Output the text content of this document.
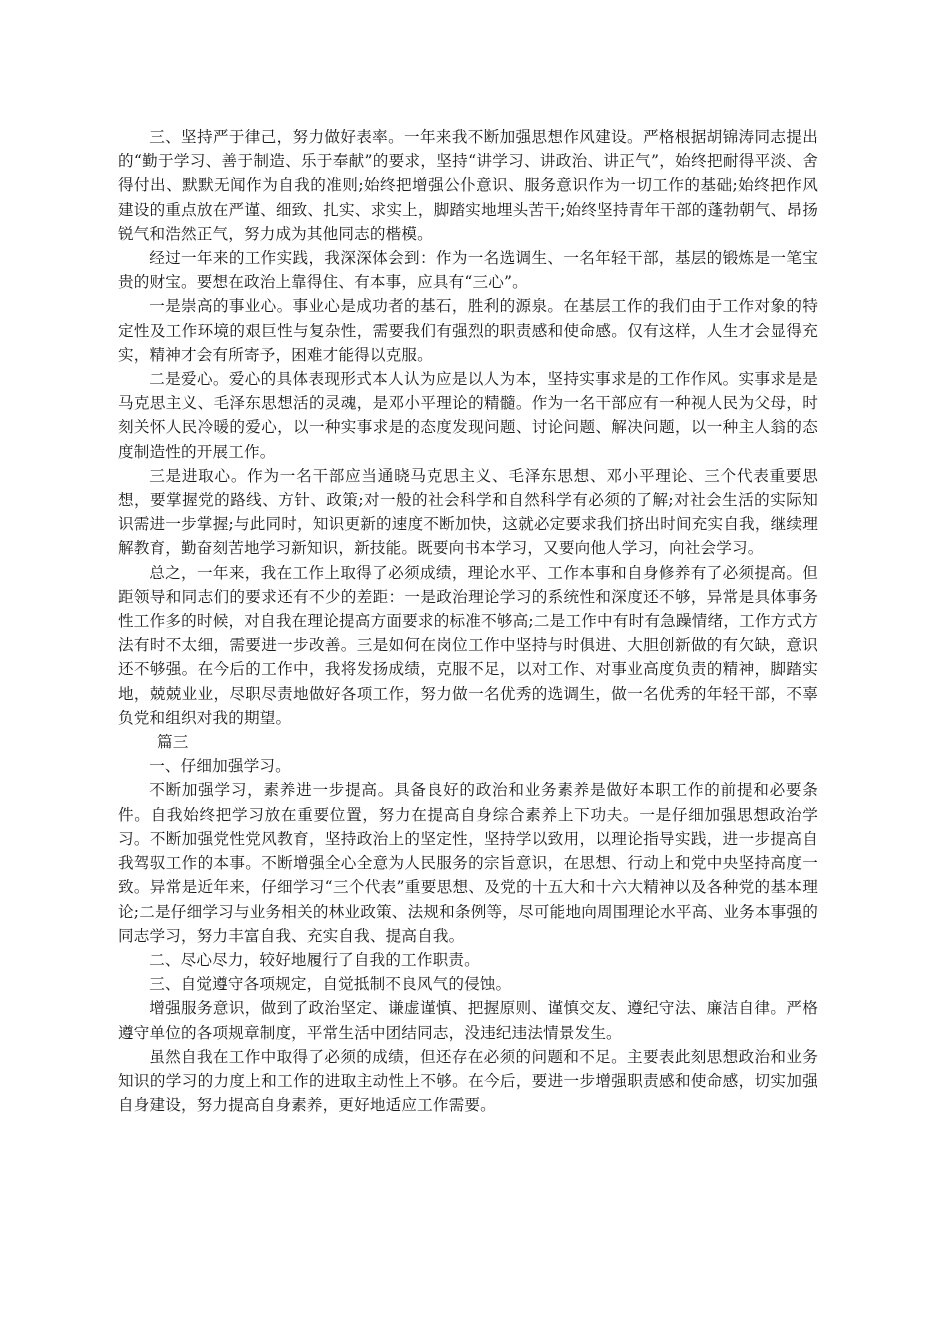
三、坚持严于律己，努力做好表率。一年来我不断加强思想作风建设。严格根据胡锦涛同志提出的“勤于学习、善于制造、乐于奉献”的要求，坚持“讲学习、讲政治、讲正气”，始终把耐得平淡、舍得付出、默默无闻作为自我的准则;始终把增强公仆意识、服务意识作为一切工作的基础;始终把作风建设的重点放在严谨、细致、扎实、求实上，脚踏实地埋头苦干;始终坚持青年干部的蓬勃朝气、昂扬锐气和浩然正气，努力成为其他同志的楷模。

经过一年来的工作实践，我深深体会到：作为一名选调生、一名年轻干部，基层的锻炼是一笔宝贵的财宝。要想在政治上靠得住、有本事，应具有“三心”。

一是崇高的事业心。事业心是成功者的基石，胜利的源泉。在基层工作的我们由于工作对象的特定性及工作环境的艰巨性与复杂性，需要我们有强烈的职责感和使命感。仅有这样，人生才会显得充实，精神才会有所寄予，困难才能得以克服。

二是爱心。爱心的具体表现形式本人认为应是以人为本，坚持实事求是的工作作风。实事求是是马克思主义、毛泽东思想活的灵魂，是邓小平理论的精髓。作为一名干部应有一种视人民为父母，时刻关怀人民冷暖的爱心，以一种实事求是的态度发现问题、讨论问题、解决问题，以一种主人翁的态度制造性的开展工作。

三是进取心。作为一名干部应当通晓马克思主义、毛泽东思想、邓小平理论、三个代表重要思想，要掌握党的路线、方针、政策;对一般的社会科学和自然科学有必须的了解;对社会生活的实际知识需进一步掌握;与此同时，知识更新的速度不断加快，这就必定要求我们挤出时间充实自我，继续理解教育，勤奋刻苦地学习新知识，新技能。既要向书本学习，又要向他人学习，向社会学习。

总之，一年来，我在工作上取得了必须成绩，理论水平、工作本事和自身修养有了必须提高。但距领导和同志们的要求还有不少的差距：一是政治理论学习的系统性和深度还不够，异常是具体事务性工作多的时候，对自我在理论提高方面要求的标准不够高;二是工作中有时有急躁情绪，工作方式方法有时不太细，需要进一步改善。三是如何在岗位工作中坚持与时俱进、大胆创新做的有欠缺，意识还不够强。在今后的工作中，我将发扬成绩，克服不足，以对工作、对事业高度负责的精神，脚踏实地，兢兢业业，尽职尽责地做好各项工作，努力做一名优秀的选调生，做一名优秀的年轻干部，不辜负党和组织对我的期望。

篇三

一、仔细加强学习。

不断加强学习，素养进一步提高。具备良好的政治和业务素养是做好本职工作的前提和必要条件。自我始终把学习放在重要位置，努力在提高自身综合素养上下功夫。一是仔细加强思想政治学习。不断加强党性党风教育，坚持政治上的坚定性，坚持学以致用，以理论指导实践，进一步提高自我驾驭工作的本事。不断增强全心全意为人民服务的宗旨意识，在思想、行动上和党中央坚持高度一致。异常是近年来，仔细学习“三个代表”重要思想、及党的十五大和十六大精神以及各种党的基本理论;二是仔细学习与业务相关的林业政策、法规和条例等，尽可能地向周围理论水平高、业务本事强的同志学习，努力丰富自我、充实自我、提高自我。

二、尽心尽力，较好地履行了自我的工作职责。

三、自觉遵守各项规定，自觉抵制不良风气的侵蚀。

增强服务意识，做到了政治坚定、谦虚谨慎、把握原则、谨慎交友、遵纪守法、廉洁自律。严格遵守单位的各项规章制度，平常生活中团结同志，没违纪违法情景发生。

虽然自我在工作中取得了必须的成绩，但还存在必须的问题和不足。主要表此刻思想政治和业务知识的学习的力度上和工作的进取主动性上不够。在今后，要进一步增强职责感和使命感，切实加强自身建设，努力提高自身素养，更好地适应工作需要。
